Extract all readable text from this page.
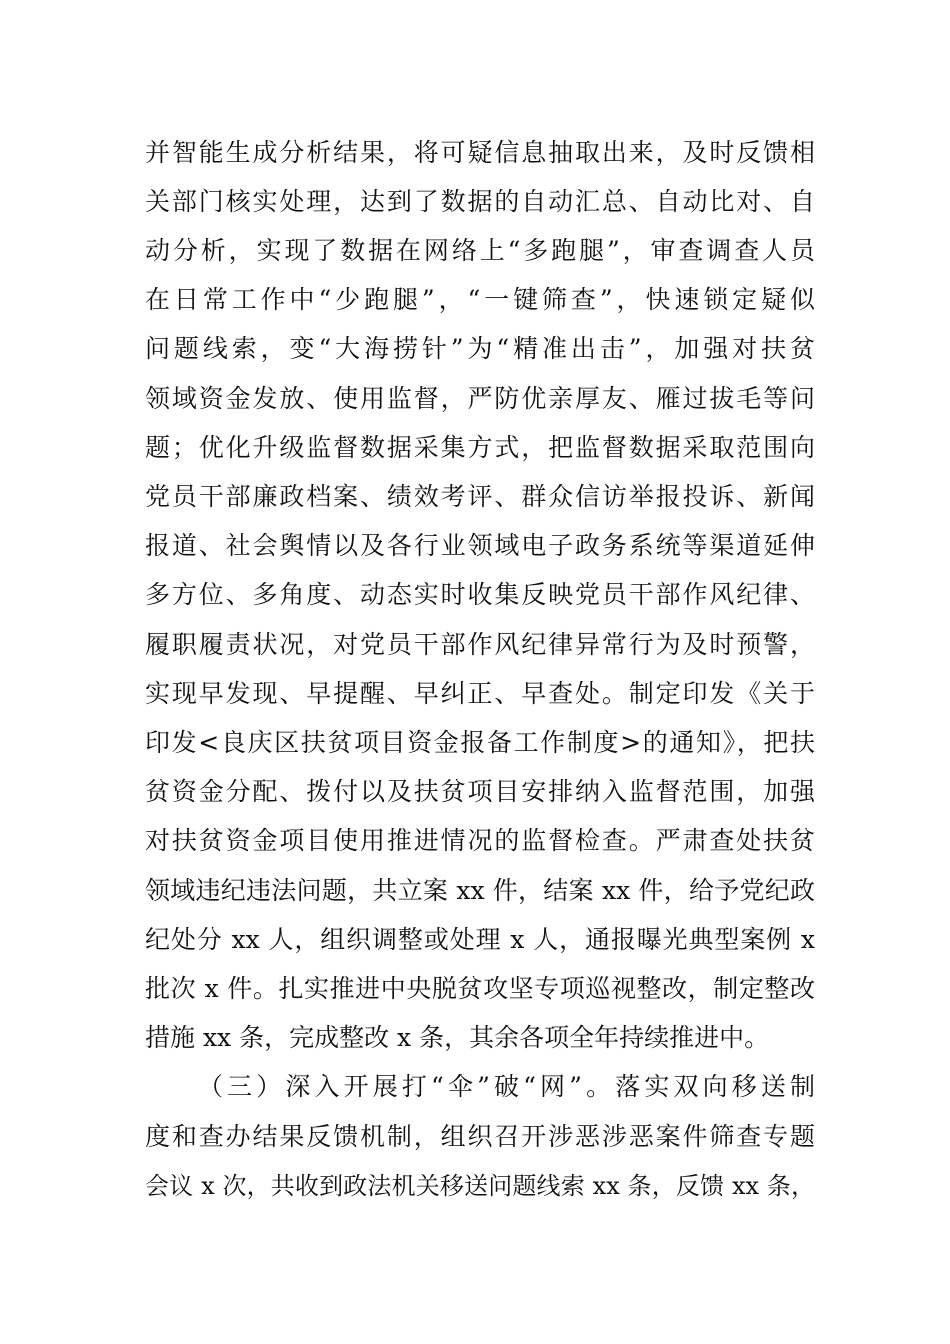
并智能生成分析结果，将可疑信息抽取出来，及时反馈相
关部门核实处理，达到了数据的自动汇总、自动比对、自
动分析，实现了数据在网络上“多跑腿”，审查调查人员
在日常工作中“少跑腿”，“一键筛查”，快速锁定疑似
问题线索，变“大海捞针”为“精准出击”，加强对扶贫
领域资金发放、使用监督，严防优亲厚友、雁过拔毛等问
题；优化升级监督数据采集方式，把监督数据采取范围向
党员干部廉政档案、绩效考评、群众信访举报投诉、新闻
报道、社会舆情以及各行业领域电子政务系统等渠道延伸
多方位、多角度、动态实时收集反映党员干部作风纪律、
履职履责状况，对党员干部作风纪律异常行为及时预警，
实现早发现、早提醒、早纠正、早查处。制定印发《关于
印发<良庆区扶贫项目资金报备工作制度>的通知》，把扶
贫资金分配、拨付以及扶贫项目安排纳入监督范围，加强
对扶贫资金项目使用推进情况的监督检查。严肃查处扶贫
领域违纪违法问题，共立案 xx 件，结案 xx 件，给予党纪政
纪处分 xx 人，组织调整或处理 x 人，通报曝光典型案例 x
批次 x 件。扎实推进中央脱贫攻坚专项巡视整改，制定整改
措施 xx 条，完成整改 x 条，其余各项全年持续推进中。
（三）深入开展打“伞”破“网”。落实双向移送制
度和查办结果反馈机制，组织召开涉恶涉恶案件筛查专题
会议 x 次，共收到政法机关移送问题线索 xx 条，反馈 xx 条，
